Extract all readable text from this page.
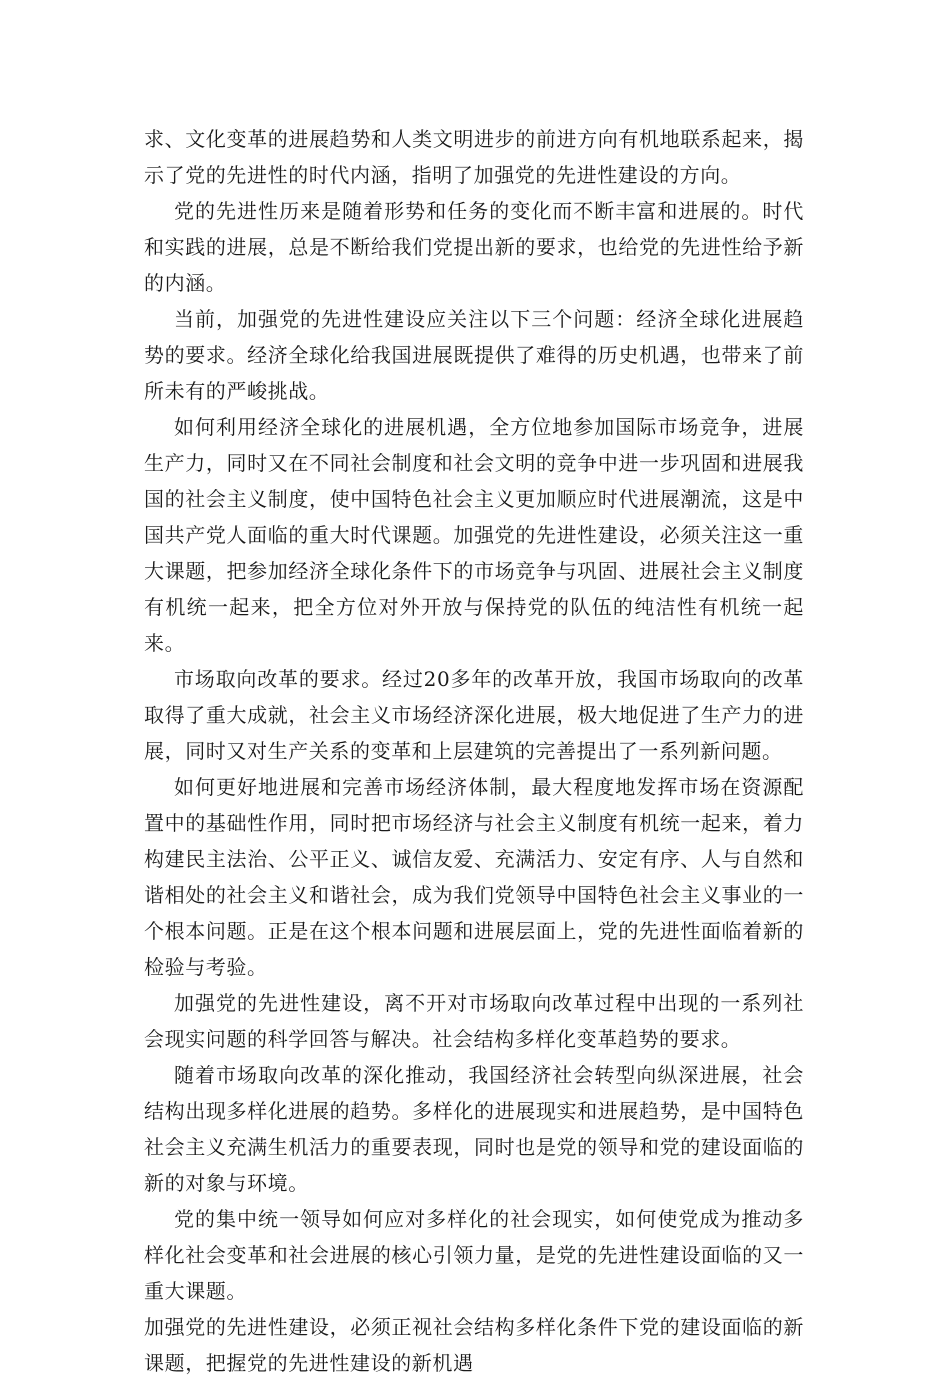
求、文化变革的进展趋势和人类文明进步的前进方向有机地联系起来，揭示了党的先进性的时代内涵，指明了加强党的先进性建设的方向。

党的先进性历来是随着形势和任务的变化而不断丰富和进展的。时代和实践的进展，总是不断给我们党提出新的要求，也给党的先进性给予新的内涵。

当前，加强党的先进性建设应关注以下三个问题：经济全球化进展趋势的要求。经济全球化给我国进展既提供了难得的历史机遇，也带来了前所未有的严峻挑战。

如何利用经济全球化的进展机遇，全方位地参加国际市场竞争，进展生产力，同时又在不同社会制度和社会文明的竞争中进一步巩固和进展我国的社会主义制度，使中国特色社会主义更加顺应时代进展潮流，这是中国共产党人面临的重大时代课题。加强党的先进性建设，必须关注这一重大课题，把参加经济全球化条件下的市场竞争与巩固、进展社会主义制度有机统一起来，把全方位对外开放与保持党的队伍的纯洁性有机统一起来。

市场取向改革的要求。经过20多年的改革开放，我国市场取向的改革取得了重大成就，社会主义市场经济深化进展，极大地促进了生产力的进展，同时又对生产关系的变革和上层建筑的完善提出了一系列新问题。

如何更好地进展和完善市场经济体制，最大程度地发挥市场在资源配置中的基础性作用，同时把市场经济与社会主义制度有机统一起来，着力构建民主法治、公平正义、诚信友爱、充满活力、安定有序、人与自然和谐相处的社会主义和谐社会，成为我们党领导中国特色社会主义事业的一个根本问题。正是在这个根本问题和进展层面上，党的先进性面临着新的检验与考验。

加强党的先进性建设，离不开对市场取向改革过程中出现的一系列社会现实问题的科学回答与解决。社会结构多样化变革趋势的要求。

随着市场取向改革的深化推动，我国经济社会转型向纵深进展，社会结构出现多样化进展的趋势。多样化的进展现实和进展趋势，是中国特色社会主义充满生机活力的重要表现，同时也是党的领导和党的建设面临的新的对象与环境。

党的集中统一领导如何应对多样化的社会现实，如何使党成为推动多样化社会变革和社会进展的核心引领力量，是党的先进性建设面临的又一重大课题。

加强党的先进性建设，必须正视社会结构多样化条件下党的建设面临的新课题，把握党的先进性建设的新机遇
